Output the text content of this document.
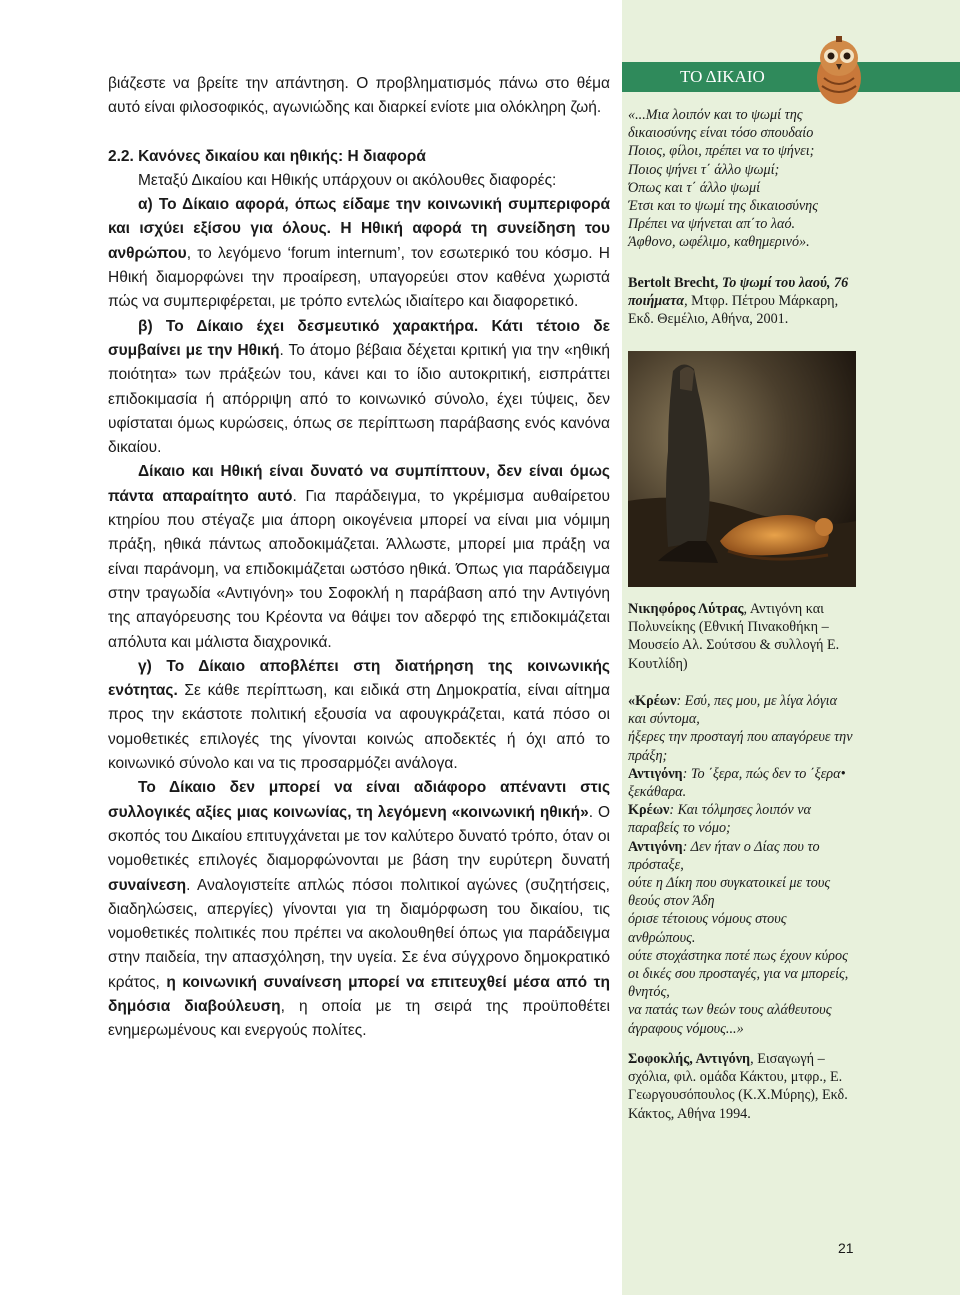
βιάζεστε να βρείτε την απάντηση. Ο προβληματισμός πάνω στο θέμα αυτό είναι φιλοσοφικός, αγωνιώδης και διαρκεί ενίοτε μια ολόκληρη ζωή.

2.2. Κανόνες δικαίου και ηθικής: Η διαφορά

Μεταξύ Δικαίου και Ηθικής υπάρχουν οι ακόλουθες διαφορές:

α) Το Δίκαιο αφορά, όπως είδαμε την κοινωνική συμπεριφορά και ισχύει εξίσου για όλους. Η Ηθική αφορά τη συνείδηση του ανθρώπου, το λεγόμενο ‘forum internum’, τον εσωτερικό του κόσμο. Η Ηθική διαμορφώνει την προαίρεση, υπαγορεύει στον καθένα χωριστά πώς να συμπεριφέρεται, με τρόπο εντελώς ιδιαίτερο και διαφορετικό.

β) Το Δίκαιο έχει δεσμευτικό χαρακτήρα. Κάτι τέτοιο δε συμβαίνει με την Ηθική. Το άτομο βέβαια δέχεται κριτική για την «ηθική ποιότητα» των πράξεών του, κάνει και το ίδιο αυτοκριτική, εισπράττει επιδοκιμασία ή απόρριψη από το κοινωνικό σύνολο, έχει τύψεις, δεν υφίσταται όμως κυρώσεις, όπως σε περίπτωση παράβασης ενός κανόνα δικαίου.

Δίκαιο και Ηθική είναι δυνατό να συμπίπτουν, δεν είναι όμως πάντα απαραίτητο αυτό. Για παράδειγμα, το γκρέμισμα αυθαίρετου κτηρίου που στέγαζε μια άπορη οικογένεια μπορεί να είναι μια νόμιμη πράξη, ηθικά πάντως αποδοκιμάζεται. Άλλωστε, μπορεί μια πράξη να είναι παράνομη, να επιδοκιμάζεται ωστόσο ηθικά. Όπως για παράδειγμα στην τραγωδία «Αντιγόνη» του Σοφοκλή η παράβαση από την Αντιγόνη της απαγόρευσης του Κρέοντα να θάψει τον αδερφό της επιδοκιμάζεται απόλυτα και μάλιστα διαχρονικά.

γ) Το Δίκαιο αποβλέπει στη διατήρηση της κοινωνικής ενότητας. Σε κάθε περίπτωση, και ειδικά στη Δημοκρατία, είναι αίτημα προς την εκάστοτε πολιτική εξουσία να αφουγκράζεται, κατά πόσο οι νομοθετικές επιλογές της γίνονται κοινώς αποδεκτές ή όχι από το κοινωνικό σύνολο και να τις προσαρμόζει ανάλογα.

Το Δίκαιο δεν μπορεί να είναι αδιάφορο απέναντι στις συλλογικές αξίες μιας κοινωνίας, τη λεγόμενη «κοινωνική ηθική». Ο σκοπός του Δικαίου επιτυγχάνεται με τον καλύτερο δυνατό τρόπο, όταν οι νομοθετικές επιλογές διαμορφώνονται με βάση την ευρύτερη δυνατή συναίνεση. Αναλογιστείτε απλώς πόσοι πολιτικοί αγώνες (συζητήσεις, διαδηλώσεις, απεργίες) γίνονται για τη διαμόρφωση του δικαίου, τις νομοθετικές πολιτικές που πρέπει να ακολουθηθεί όπως για παράδειγμα στην παιδεία, την απασχόληση, την υγεία. Σε ένα σύγχρονο δημοκρατικό κράτος, η κοινωνική συναίνεση μπορεί να επιτευχθεί μέσα από τη δημόσια διαβούλευση, η οποία με τη σειρά της προϋποθέτει ενημερωμένους και ενεργούς πολίτες.

ΤΟ ΔΙΚΑΙΟ

«...Μια λοιπόν και το ψωμί της δικαιοσύνης είναι τόσο σπουδαίο
Ποιος, φίλοι, πρέπει να το ψήνει;
Ποιος ψήνει τ΄ άλλο ψωμί;
Όπως και τ΄ άλλο ψωμί
Έτσι και το ψωμί της δικαιοσύνης
Πρέπει να ψήνεται απ΄το λαό.
Άφθονο, ωφέλιμο, καθημερινό».

Bertolt Brecht, Το ψωμί του λαού, 76 ποιήματα, Μτφρ. Πέτρου Μάρκαρη, Εκδ. Θεμέλιο, Αθήνα, 2001.

Νικηφόρος Λύτρας, Αντιγόνη και Πολυνείκης (Εθνική Πινακοθήκη – Μουσείο Αλ. Σούτσου & συλλογή Ε. Κουτλίδη)

«Κρέων: Εσύ, πες μου, με λίγα λόγια και σύντομα,
ήξερες την προσταγή που απαγόρευε την πράξη;

Αντιγόνη: Το ΄ξερα, πώς δεν το ΄ξερα• ξεκάθαρα.

Κρέων: Και τόλμησες λοιπόν να παραβείς το νόμο;

Αντιγόνη: Δεν ήταν ο Δίας που το πρόσταξε,
ούτε η Δίκη που συγκατοικεί με τους θεούς στον Άδη
όρισε τέτοιους νόμους στους ανθρώπους.
ούτε στοχάστηκα ποτέ πως έχουν κύρος
οι δικές σου προσταγές, για να μπορείς, θνητός,
να πατάς των θεών τους αλάθευτους άγραφους νόμους...»

Σοφοκλής, Αντιγόνη, Εισαγωγή – σχόλια, φιλ. ομάδα Κάκτου, μτφρ., Ε. Γεωργουσόπουλος (Κ.Χ.Μύρης), Εκδ. Κάκτος, Αθήνα 1994.

21
